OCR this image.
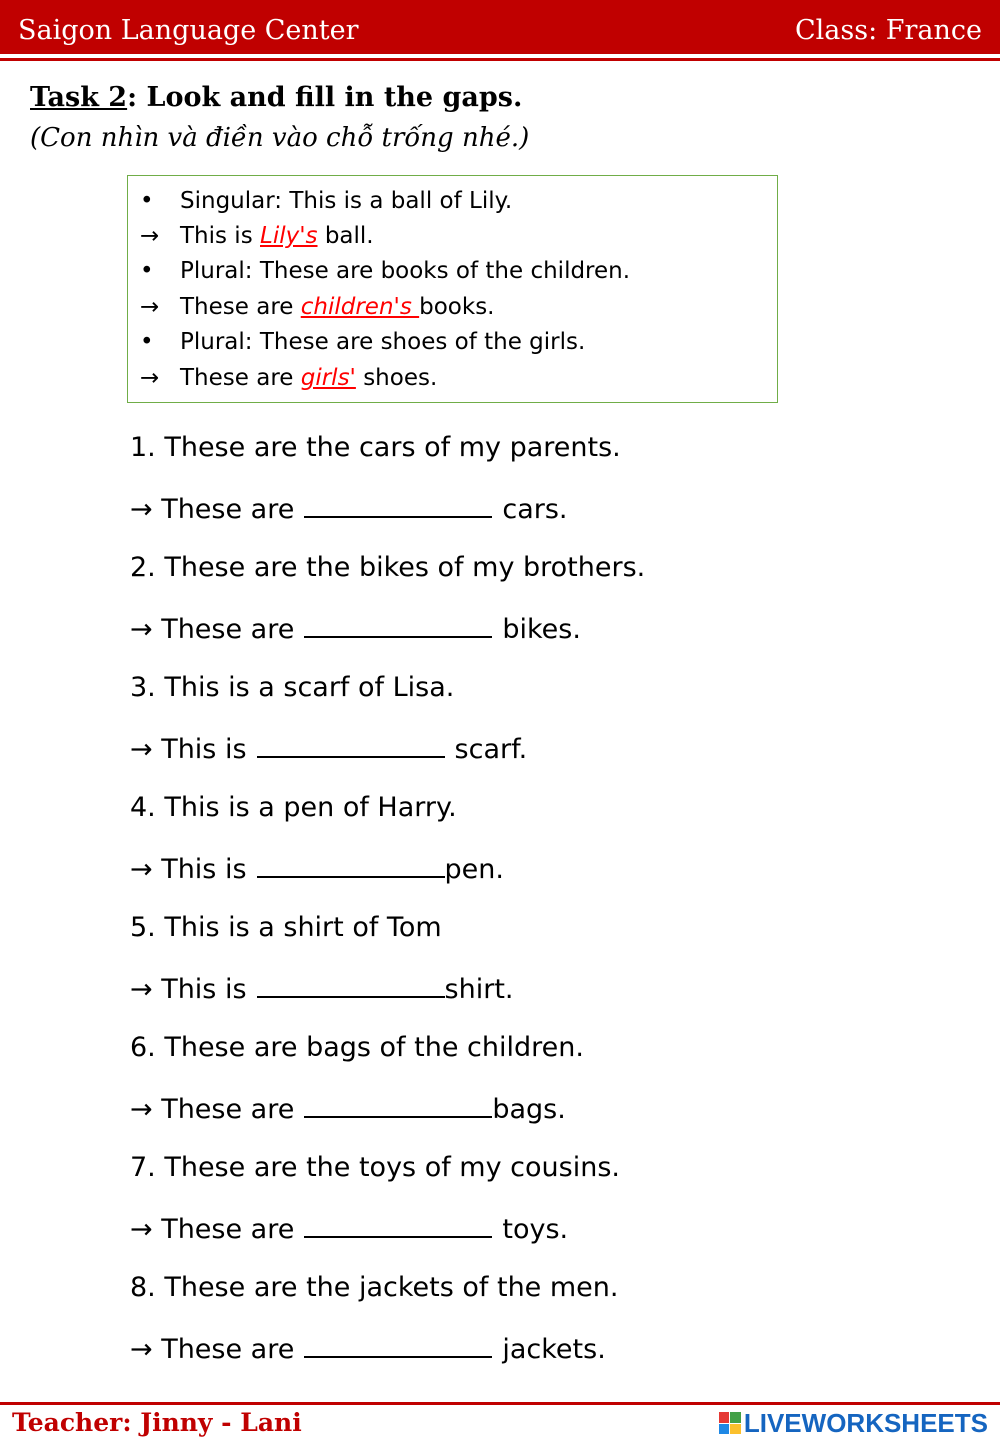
Saigon Language Center	Class: France
Task 2: Look and fill in the gaps.
(Con nhìn và điền vào chỗ trống nhé.)
• Singular: This is a ball of Lily.
→ This is Lily's ball.
• Plural: These are books of the children.
→ These are children's books.
• Plural: These are shoes of the girls.
→ These are girls' shoes.
1. These are the cars of my parents.
→ These are	cars.
2. These are the bikes of my brothers.
→ These are	bikes.
3. This is a scarf of Lisa.
→ This is	scarf.
4. This is a pen of Harry.
→ This is	pen.
5. This is a shirt of Tom
→ This is	shirt.
6. These are bags of the children.
→ These are	bags.
7. These are the toys of my cousins.
→ These are	toys.
8. These are the jackets of the men.
→ These are	jackets.
Teacher: Jinny - Lani	LIVEWORKSHEETS
